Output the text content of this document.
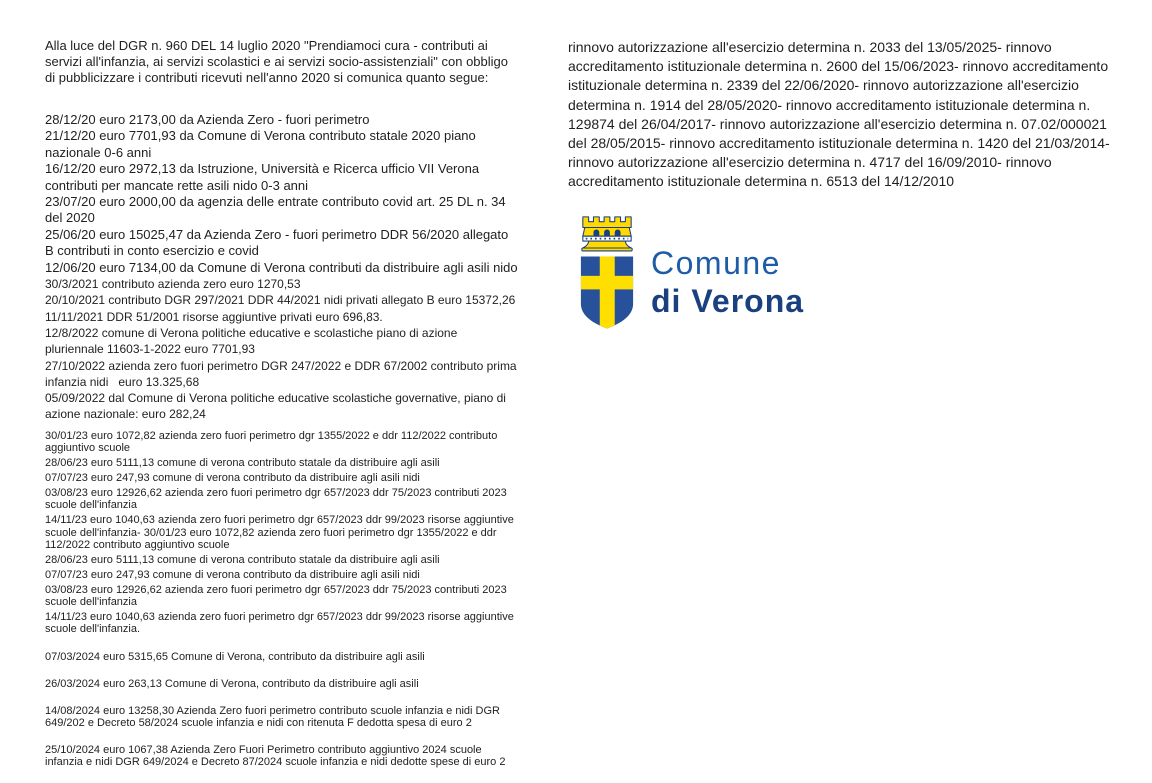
Alla luce del DGR n. 960 DEL 14 luglio 2020 "Prendiamoci cura - contributi ai servizi all'infanzia, ai servizi scolastici e ai servizi socio-assistenziali" con obbligo di pubblicizzare i contributi ricevuti nell'anno 2020 si comunica quanto segue:

28/12/20 euro 2173,00 da Azienda Zero - fuori perimetro
21/12/20 euro 7701,93 da Comune di Verona contributo statale 2020 piano nazionale 0-6 anni
16/12/20 euro 2972,13 da Istruzione, Università e Ricerca ufficio VII Verona contributi per mancate rette asili nido 0-3 anni
23/07/20 euro 2000,00 da agenzia delle entrate contributo covid art. 25 DL n. 34 del 2020
25/06/20 euro 15025,47 da Azienda Zero - fuori perimetro DDR 56/2020 allegato B contributi in conto esercizio e covid
12/06/20 euro 7134,00 da Comune di Verona contributi da distribuire agli asili nido
30/3/2021 contributo azienda zero euro 1270,53
20/10/2021 contributo DGR 297/2021 DDR 44/2021 nidi privati allegato B euro 15372,26
11/11/2021 DDR 51/2001 risorse aggiuntive privati euro 696,83.
12/8/2022 comune di Verona politiche educative e scolastiche piano di azione pluriennale 11603-1-2022 euro 7701,93
27/10/2022 azienda zero fuori perimetro DGR 247/2022 e DDR 67/2002 contributo prima infanzia nidi   euro 13.325,68
05/09/2022 dal Comune di Verona politiche educative scolastiche governative, piano di azione nazionale: euro 282,24
30/01/23 euro 1072,82 azienda zero fuori perimetro dgr 1355/2022 e ddr 112/2022 contributo aggiuntivo scuole
28/06/23 euro 5111,13 comune di verona contributo statale da distribuire agli asili
07/07/23 euro 247,93 comune di verona contributo da distribuire agli asili nidi
03/08/23 euro 12926,62 azienda zero fuori perimetro dgr 657/2023 ddr 75/2023 contributi 2023 scuole dell'infanzia
14/11/23 euro 1040,63 azienda zero fuori perimetro dgr 657/2023 ddr 99/2023 risorse aggiuntive scuole dell'infanzia- 30/01/23 euro 1072,82 azienda zero fuori perimetro dgr 1355/2022 e ddr 112/2022 contributo aggiuntivo scuole
28/06/23 euro 5111,13 comune di verona contributo statale da distribuire agli asili
07/07/23 euro 247,93 comune di verona contributo da distribuire agli asili nidi
03/08/23 euro 12926,62 azienda zero fuori perimetro dgr 657/2023 ddr 75/2023 contributi 2023 scuole dell'infanzia
14/11/23 euro 1040,63 azienda zero fuori perimetro dgr 657/2023 ddr 99/2023 risorse aggiuntive scuole dell'infanzia.
07/03/2024 euro 5315,65 Comune di Verona, contributo da distribuire agli asili
26/03/2024 euro 263,13 Comune di Verona, contributo da distribuire agli asili
14/08/2024 euro 13258,30 Azienda Zero fuori perimetro contributo scuole infanzia e nidi DGR 649/202 e Decreto 58/2024 scuole infanzia e nidi con ritenuta F dedotta spesa di euro 2
25/10/2024 euro 1067,38 Azienda Zero Fuori Perimetro contributo aggiuntivo 2024 scuole infanzia e nidi DGR 649/2024 e Decreto 87/2024 scuole infanzia e nidi dedotte spese di euro 2

rinnovo autorizzazione all'esercizio determina n. 2033 del 13/05/2025- rinnovo accreditamento istituzionale determina n. 2600 del 15/06/2023- rinnovo accreditamento istituzionale determina n. 2339 del 22/06/2020- rinnovo autorizzazione all'esercizio determina n. 1914 del 28/05/2020- rinnovo accreditamento istituzionale determina n. 129874 del 26/04/2017- rinnovo autorizzazione all'esercizio determina n. 07.02/000021 del 28/05/2015- rinnovo accreditamento istituzionale determina n. 1420 del 21/03/2014- rinnovo autorizzazione all'esercizio determina n. 4717 del 16/09/2010- rinnovo accreditamento istituzionale determina n. 6513 del 14/12/2010

Comune
di Verona
